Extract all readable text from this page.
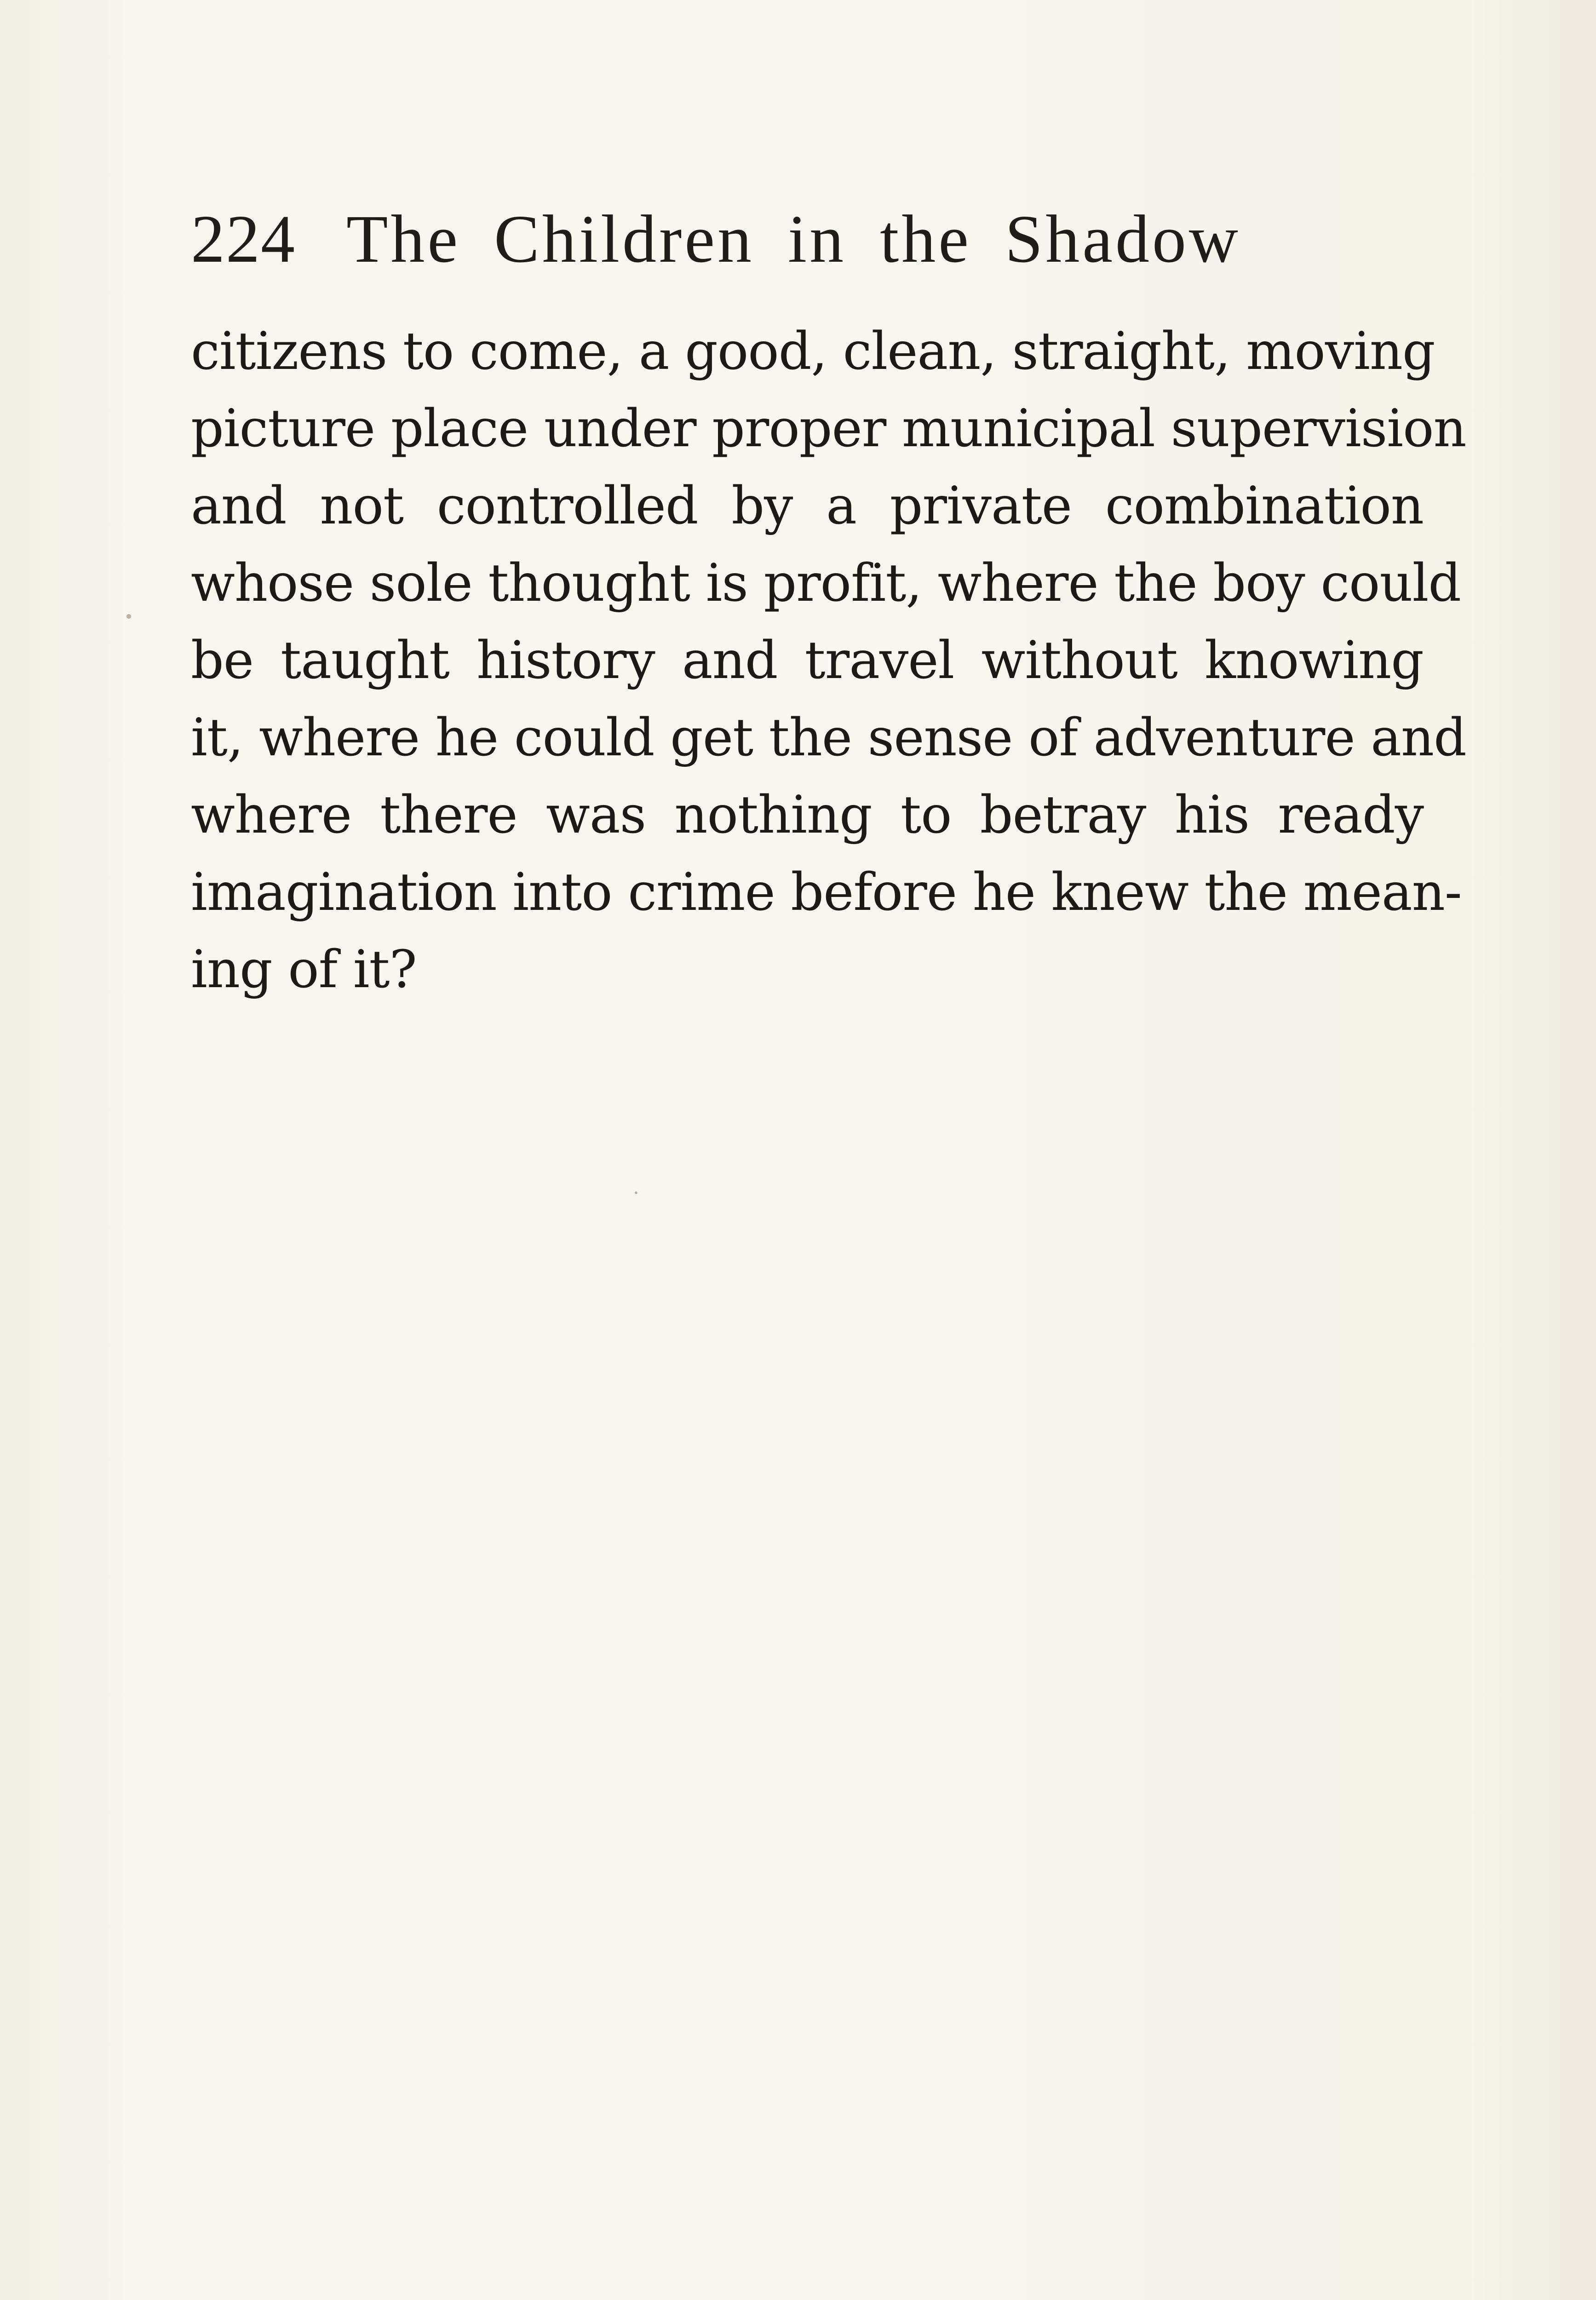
224 The Children in the Shadow
citizens to come, a good, clean, straight, moving
picture place under proper municipal supervision
and not controlled by a private combination
whose sole thought is profit, where the boy could
be taught history and travel without knowing
it, where he could get the sense of adventure and
where there was nothing to betray his ready
imagination into crime before he knew the mean-
ing of it?
